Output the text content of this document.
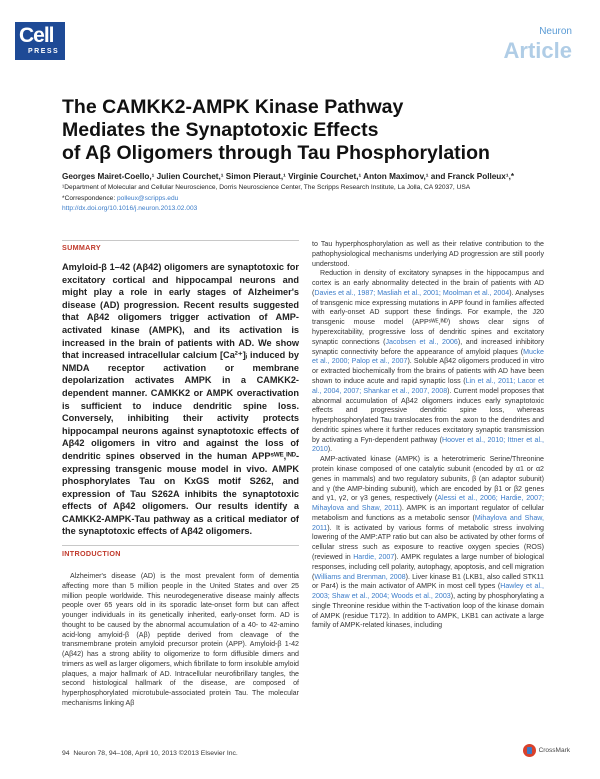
Cell
PRESS
Neuron
Article
The CAMKK2-AMPK Kinase Pathway
Mediates the Synaptotoxic Effects
of Aβ Oligomers through Tau Phosphorylation
Georges Mairet-Coello,¹ Julien Courchet,¹ Simon Pieraut,¹ Virginie Courchet,¹ Anton Maximov,¹ and Franck Polleux¹,*
¹Department of Molecular and Cellular Neuroscience, Dorris Neuroscience Center, The Scripps Research Institute, La Jolla, CA 92037, USA
*Correspondence: polleux@scripps.edu
http://dx.doi.org/10.1016/j.neuron.2013.02.003
SUMMARY

Amyloid-β 1–42 (Aβ42) oligomers are synaptotoxic for excitatory cortical and hippocampal neurons and might play a role in early stages of Alzheimer's disease (AD) progression. Recent results suggested that Aβ42 oligomers trigger activation of AMP-activated kinase (AMPK), and its activation is increased in the brain of patients with AD. We show that increased intracellular calcium [Ca²⁺]ᵢ induced by NMDA receptor activation or membrane depolarization activates AMPK in a CAMKK2-dependent manner. CAMKK2 or AMPK overactivation is sufficient to induce dendritic spine loss. Conversely, inhibiting their activity protects hippocampal neurons against synaptotoxic effects of Aβ42 oligomers in vitro and against the loss of dendritic spines observed in the human APPˢᵂᴱ,ᴵᴺᴰ-expressing transgenic mouse model in vivo. AMPK phosphorylates Tau on KxGS motif S262, and expression of Tau S262A inhibits the synaptotoxic effects of Aβ42 oligomers. Our results identify a CAMKK2-AMPK-Tau pathway as a critical mediator of the synaptotoxic effects of Aβ42 oligomers.

INTRODUCTION

Alzheimer's disease (AD) is the most prevalent form of dementia affecting more than 5 million people in the United States and over 25 million people worldwide. This neurodegenerative disease mainly affects people over 65 years old in its sporadic late-onset form but can affect younger individuals in its genetically inherited, early-onset form. AD is thought to be caused by the abnormal accumulation of a 40- to 42-amino acid-long amyloid-β (Aβ) peptide derived from cleavage of the transmembrane protein amyloid precursor protein (APP). Amyloid-β 1-42 (Aβ42) has a strong ability to oligomerize to form diffusible dimers and trimers as well as larger oligomers, which fibrillate to form insoluble amyloid plaques, a major hallmark of AD. Intracellular neurofibrillary tangles, the second histological hallmark of the disease, are composed of hyperphosphorylated microtubule-associated protein Tau. The molecular mechanisms linking Aβ

to Tau hyperphosphorylation as well as their relative contribution to the pathophysiological mechanisms underlying AD progression are still poorly understood.

Reduction in density of excitatory synapses in the hippocampus and cortex is an early abnormality detected in the brain of patients with AD (Davies et al., 1987; Masliah et al., 2001; Moolman et al., 2004). Analyses of transgenic mice expressing mutations in APP found in families affected with early-onset AD support these findings. For example, the J20 transgenic mouse model (APPˢᵂᴱ,ᴵᴺᴰ) shows clear signs of hyperexcitability, progressive loss of dendritic spines and excitatory synaptic connections (Jacobsen et al., 2006), and increased inhibitory synaptic connectivity before the appearance of amyloid plaques (Mucke et al., 2000; Palop et al., 2007). Soluble Aβ42 oligomers produced in vitro or extracted biochemically from the brains of patients with AD have been shown to induce acute and rapid synaptic loss (Lin et al., 2011; Lacor et al., 2004, 2007; Shankar et al., 2007, 2008). Current model proposes that abnormal accumulation of Aβ42 oligomers induces early synaptotoxic effects and progressive dendritic spine loss, whereas hyperphosphorylated Tau translocates from the axon to the dendrites and dendritic spines where it further reduces excitatory synaptic transmission by activating a Fyn-dependent pathway (Hoover et al., 2010; Ittner et al., 2010).

AMP-activated kinase (AMPK) is a heterotrimeric Serine/Threonine protein kinase composed of one catalytic subunit (encoded by α1 or α2 genes in mammals) and two regulatory subunits, β (an adaptor subunit) and γ (the AMP-binding subunit), which are encoded by β1 or β2 genes and γ1, γ2, or γ3 genes, respectively (Alessi et al., 2006; Hardie, 2007; Mihaylova and Shaw, 2011). AMPK is an important regulator of cellular metabolism and functions as a metabolic sensor (Mihaylova and Shaw, 2011). It is activated by various forms of metabolic stress involving lowering of the AMP:ATP ratio but can also be activated by other forms of cellular stress such as exposure to reactive oxygen species (ROS) (reviewed in Hardie, 2007). AMPK regulates a large number of biological responses, including cell polarity, autophagy, apoptosis, and cell migration (Williams and Brenman, 2008). Liver kinase B1 (LKB1, also called STK11 or Par4) is the main activator of AMPK in most cell types (Hawley et al., 2003; Shaw et al., 2004; Woods et al., 2003), acting by phosphorylating a single Threonine residue within the T-activation loop of the kinase domain of AMPK (residue T172). In addition to AMPK, LKB1 can activate a large family of AMPK-related kinases, including

94 Neuron 78, 94–108, April 10, 2013 ©2013 Elsevier Inc.	CrossMark
